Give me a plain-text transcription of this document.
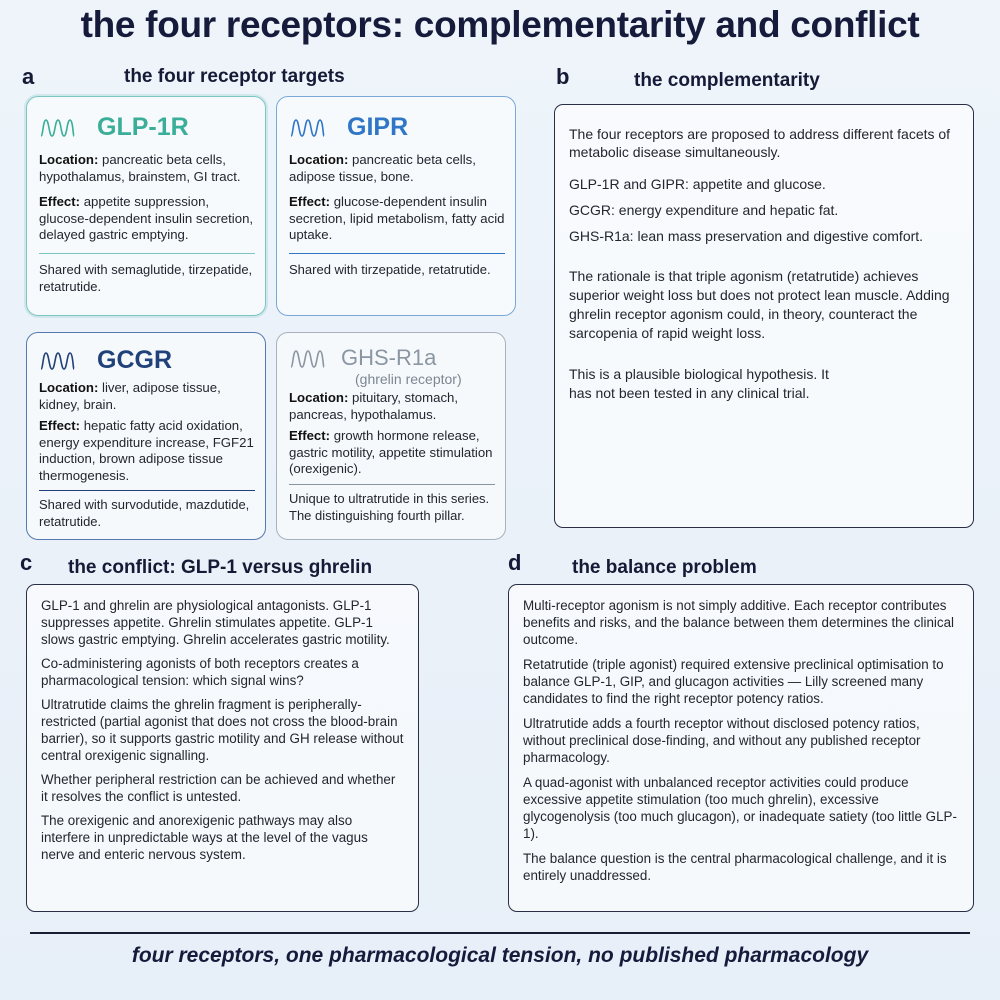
the four receptors: complementarity and conflict
a	the four receptor targets
GLP-1R

Location: pancreatic beta cells, hypothalamus, brainstem, GI tract.

Effect: appetite suppression, glucose-dependent insulin secretion, delayed gastric emptying.

Shared with semaglutide, tirzepatide, retatrutide.

GIPR

Location: pancreatic beta cells, adipose tissue, bone.

Effect: glucose-dependent insulin secretion, lipid metabolism, fatty acid uptake.

Shared with tirzepatide, retatrutide.

GCGR

Location: liver, adipose tissue, kidney, brain.

Effect: hepatic fatty acid oxidation, energy expenditure increase, FGF21 induction, brown adipose tissue thermogenesis.

Shared with survodutide, mazdutide, retatrutide.

GHS-R1a
(ghrelin receptor)

Location: pituitary, stomach, pancreas, hypothalamus.

Effect: growth hormone release, gastric motility, appetite stimulation (orexigenic).

Unique to ultratrutide in this series. The distinguishing fourth pillar.

b	the complementarity

The four receptors are proposed to address different facets of metabolic disease simultaneously.

GLP-1R and GIPR: appetite and glucose.

GCGR: energy expenditure and hepatic fat.

GHS-R1a: lean mass preservation and digestive comfort.

The rationale is that triple agonism (retatrutide) achieves superior weight loss but does not protect lean muscle. Adding ghrelin receptor agonism could, in theory, counteract the sarcopenia of rapid weight loss.

This is a plausible biological hypothesis. It has not been tested in any clinical trial.

c the conflict: GLP-1 versus ghrelin

GLP-1 and ghrelin are physiological antagonists. GLP-1 suppresses appetite. Ghrelin stimulates appetite. GLP-1 slows gastric emptying. Ghrelin accelerates gastric motility.

Co-administering agonists of both receptors creates a pharmacological tension: which signal wins?

Ultratrutide claims the ghrelin fragment is peripherally-restricted (partial agonist that does not cross the blood-brain barrier), so it supports gastric motility and GH release without central orexigenic signalling.

Whether peripheral restriction can be achieved and whether it resolves the conflict is untested.

The orexigenic and anorexigenic pathways may also interfere in unpredictable ways at the level of the vagus nerve and enteric nervous system.

d	the balance problem

Multi-receptor agonism is not simply additive. Each receptor contributes benefits and risks, and the balance between them determines the clinical outcome.

Retatrutide (triple agonist) required extensive preclinical optimisation to balance GLP-1, GIP, and glucagon activities — Lilly screened many candidates to find the right receptor potency ratios.

Ultratrutide adds a fourth receptor without disclosed potency ratios, without preclinical dose-finding, and without any published receptor pharmacology.

A quad-agonist with unbalanced receptor activities could produce excessive appetite stimulation (too much ghrelin), excessive glycogenolysis (too much glucagon), or inadequate satiety (too little GLP-1).

The balance question is the central pharmacological challenge, and it is entirely unaddressed.

four receptors, one pharmacological tension, no published pharmacology
